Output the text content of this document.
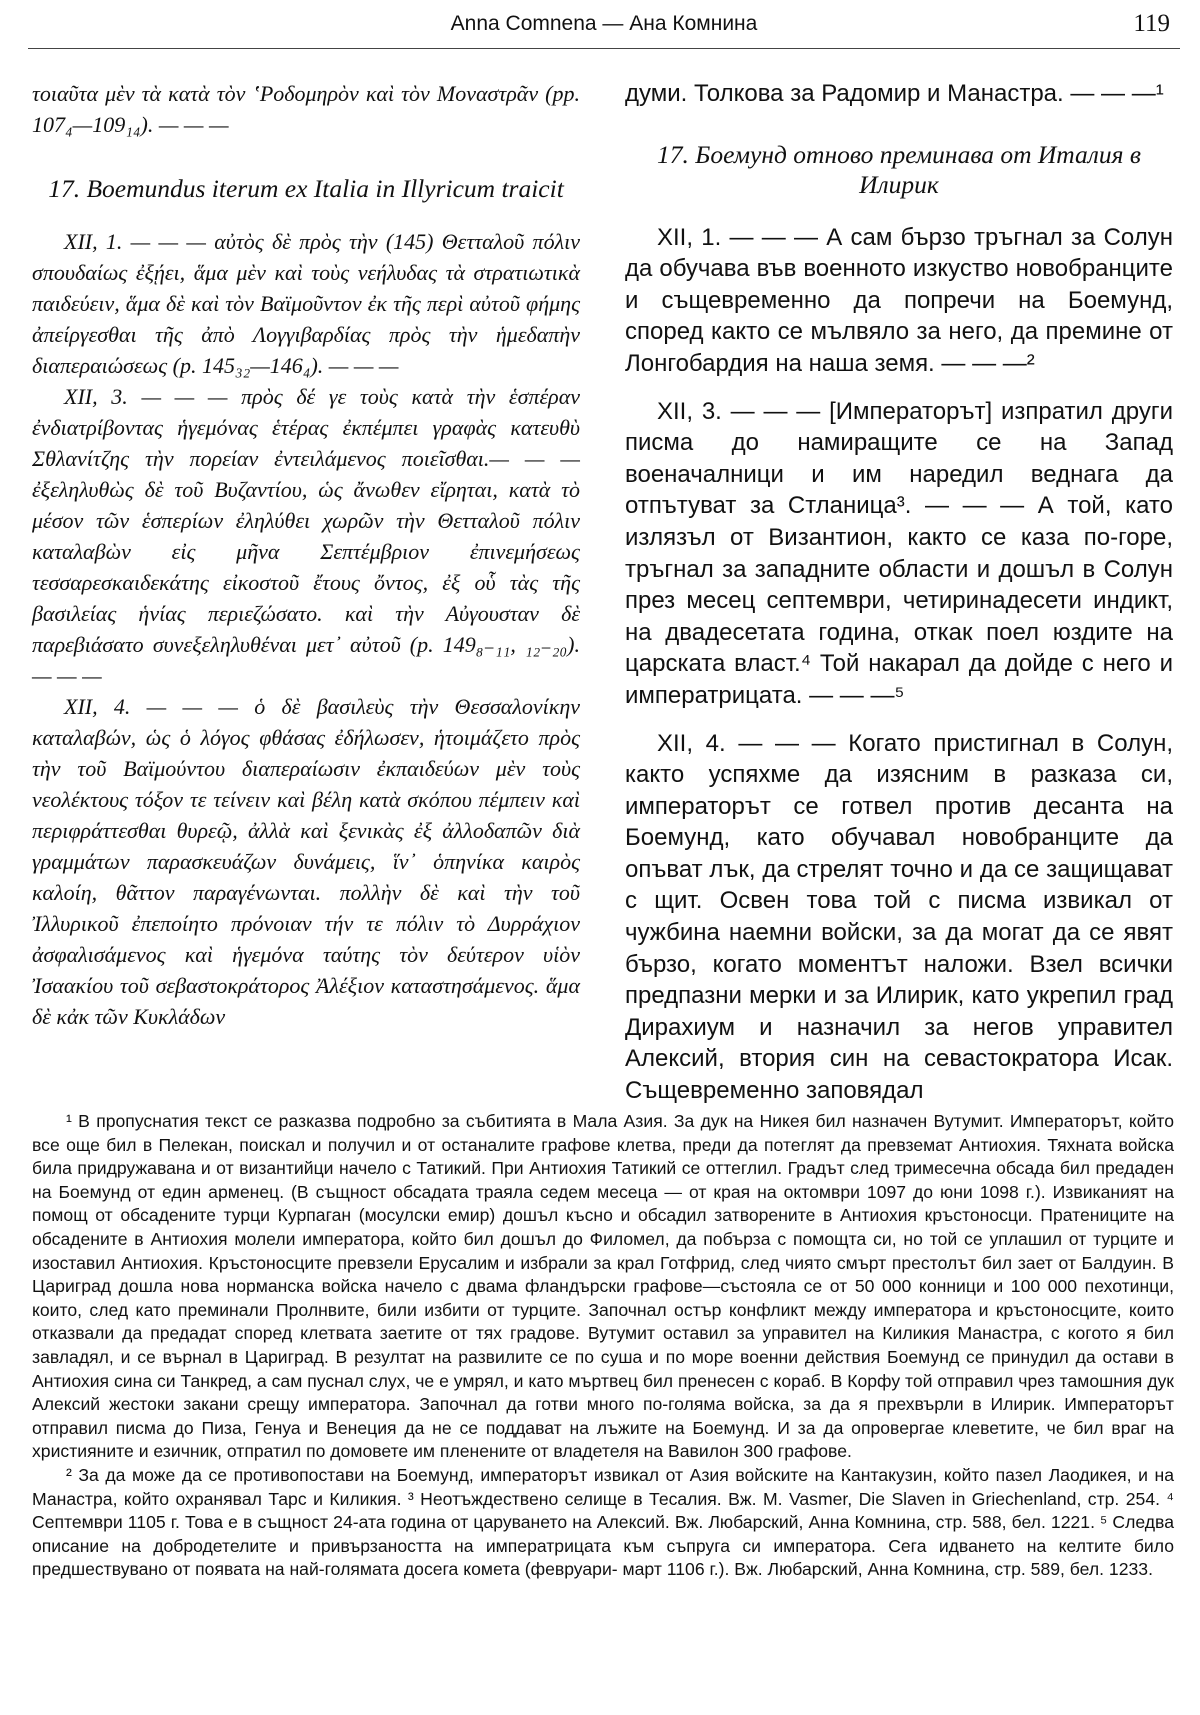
Anna Comnena — Ана Комнина	119

τοιαῦτα μὲν τὰ κατὰ τὸν ʽΡοδομηρὸν καὶ τὸν Μοναστρᾶν (pp. 107₄—109₁₄). — — —

17. Boemundus iterum ex Italia in Illyricum traicit

XII, 1. — — — αὐτὸς δὲ πρὸς τὴν (145) Θετταλοῦ πόλιν σπουδαίως ἐξῄει, ἅμα μὲν καὶ τοὺς νεήλυδας τὰ στρατιωτικὰ παιδεύειν, ἅμα δὲ καὶ τὸν Βαϊμοῦντον ἐκ τῆς περὶ αὐτοῦ φήμης ἀπείργεσθαι τῆς ἀπὸ Λογγιβαρδίας πρὸς τὴν ἡμεδαπὴν διαπεραιώσεως (p. 145₃₂—146₄). — — —

XII, 3. — — — πρὸς δέ γε τοὺς κατὰ τὴν ἑσπέραν ἐνδιατρίβοντας ἡγεμόνας ἑτέρας ἐκπέμπει γραφὰς κατευθὺ Σθλανίτζης τὴν πορείαν ἐντειλάμενος ποιεῖσθαι.— — — ἐξεληλυθὼς δὲ τοῦ Βυζαντίου, ὡς ἄνωθεν εἴρηται, κατὰ τὸ μέσον τῶν ἑσπερίων ἐληλύθει χωρῶν τὴν Θετταλοῦ πόλιν καταλαβὼν εἰς μῆνα Σεπτέμβριον ἐπινεμήσεως τεσσαρεσκαιδεκάτης εἰκοστοῦ ἔτους ὄντος, ἐξ οὗ τὰς τῆς βασιλείας ἡνίας περιεζώσατο. καὶ τὴν Αὐγουσταν δὲ παρεβιάσατο συνεξεληλυθέναι μετ᾽ αὐτοῦ (p. 149₈₋₁₁, ₁₂₋₂₀). — — —

XII, 4. — — — ὁ δὲ βασιλεὺς τὴν Θεσσαλονίκην καταλαβών, ὡς ὁ λόγος φθάσας ἐδήλωσεν, ἡτοιμάζετο πρὸς τὴν τοῦ Βαϊμούντου διαπεραίωσιν ἐκπαιδεύων μὲν τοὺς νεολέκτους τόξον τε τείνειν καὶ βέλη κατὰ σκόπου πέμπειν καὶ περιφράττεσθαι θυρεῷ, ἀλλὰ καὶ ξενικὰς ἐξ ἀλλοδαπῶν διὰ γραμμάτων παρασκευάζων δυνάμεις, ἵν᾽ ὁπηνίκα καιρὸς καλοίη, θᾶττον παραγένωνται. πολλὴν δὲ καὶ τὴν τοῦ Ἰλλυρικοῦ ἐπεποίητο πρόνοιαν τήν τε πόλιν τὸ Δυρράχιον ἀσφαλισάμενος καὶ ἡγεμόνα ταύτης τὸν δεύτερον υἱὸν Ἰσαακίου τοῦ σεβαστοκράτορος Ἀλέξιον καταστησάμενος. ἅμα δὲ κἀκ τῶν Κυκλάδων

думи. Толкова за Радомир и Манастра. — — —¹

17. Боемунд отново преминава от Италия в Илирик

XII, 1. — — — А сам бързо тръгнал за Солун да обучава във военното изкуство новобранците и същевременно да попречи на Боемунд, според както се мълвяло за него, да премине от Лонгобардия на наша земя. — — —²

XII, 3. — — — [Императорът] изпратил други писма до намиращите се на Запад военачалници и им наредил веднага да отпътуват за Стланица³. — — — А той, като излязъл от Византион, както се каза по-горе, тръгнал за западните области и дошъл в Солун през месец септември, четиринадесети индикт, на двадесетата година, откак поел юздите на царската власт.⁴ Той накарал да дойде с него и императрицата. — — —⁵

XII, 4. — — — Когато пристигнал в Солун, както успяхме да изясним в разказа си, императорът се готвел против десанта на Боемунд, като обучавал новобранците да опъват лък, да стрелят точно и да се защищават с щит. Освен това той с писма извикал от чужбина наемни войски, за да могат да се явят бързо, когато моментът наложи. Взел всички предпазни мерки и за Илирик, като укрепил град Дирахиум и назначил за негов управител Алексий, втория син на севастократора Исак. Същевременно заповядал

¹ В пропуснатия текст се разказва подробно за събитията в Мала Азия. За дук на Никея бил назначен Вутумит. Императорът, който все още бил в Пелекан, поискал и получил и от останалите графове клетва, преди да потеглят да превземат Антиохия. Тяхната войска била придружавана и от византийци начело с Татикий. При Антиохия Татикий се оттеглил. Градът след тримесечна обсада бил предаден на Боемунд от един арменец. (В същност обсадата траяла седем месеца — от края на октомври 1097 до юни 1098 г.). Извиканият на помощ от обсадените турци Курпаган (мосулски емир) дошъл късно и обсадил затворените в Антиохия кръстоносци. Пратениците на обсадените в Антиохия молели императора, който бил дошъл до Филомел, да побърза с помощта си, но той се уплашил от турците и изоставил Антиохия. Кръстоносците превзели Ерусалим и избрали за крал Готфрид, след чиято смърт престолът бил зает от Балдуин. В Цариград дошла нова норманска войска начело с двама фландърски графове—състояла се от 50 000 конници и 100 000 пехотинци, които, след като преминали Пролнвите, били избити от турците. Започнал остър конфликт между императора и кръстоносците, които отказвали да предадат според клетвата заетите от тях градове. Вутумит оставил за управител на Киликия Манастра, с когото я бил завладял, и се върнал в Цариград. В резултат на развилите се по суша и по море военни действия Боемунд се принудил да остави в Антиохия сина си Танкред, а сам пуснал слух, че е умрял, и като мъртвец бил пренесен с кораб. В Корфу той отправил чрез тамошния дук Алексий жестоки закани срещу императора. Започнал да готви много по-голяма войска, за да я прехвърли в Илирик. Императорът отправил писма до Пиза, Генуа и Венеция да не се поддават на лъжите на Боемунд. И за да опровергае клеветите, че бил враг на християните и езичник, отпратил по домовете им пленените от владетеля на Вавилон 300 графове.

² За да може да се противопостави на Боемунд, императорът извикал от Азия войските на Кантакузин, който пазел Лаодикея, и на Манастра, който охранявал Тарс и Киликия. ³ Неотъждествено селище в Тесалия. Вж. M. Vasmer, Die Slaven in Griechenland, стр. 254. ⁴ Септември 1105 г. Това е в същност 24-ата година от царуването на Алексий. Вж. Любарский, Анна Комнина, стр. 588, бел. 1221. ⁵ Следва описание на добродетелите и привързаността на императрицата към съпруга си императора. Сега идването на келтите било предшествувано от появата на най-голямата досега комета (февруари- март 1106 г.). Вж. Любарский, Анна Комнина, стр. 589, бел. 1233.
